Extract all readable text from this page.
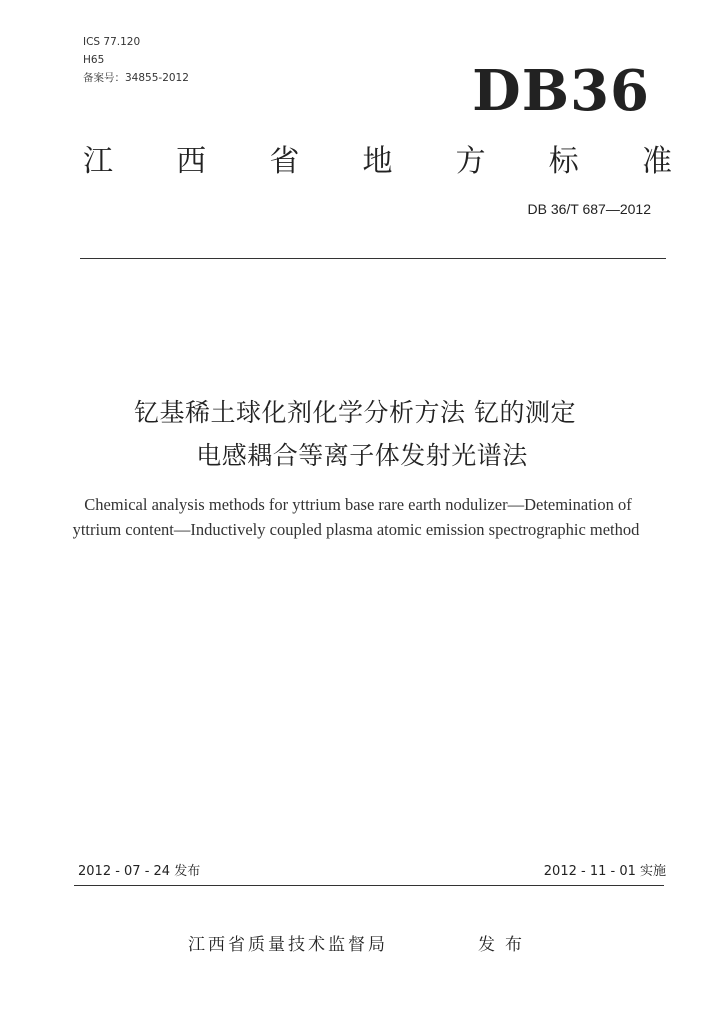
ICS 77.120
H65
备案号：34855-2012	DB36
江 西 省 地 方 标 准
DB 36/T 687—2012
钇基稀土球化剂化学分析方法 钇的测定
电感耦合等离子体发射光谱法
Chemical analysis methods for yttrium base rare earth nodulizer—Detemination of
yttrium content—Inductively coupled plasma atomic emission spectrographic method
2012 - 07 - 24 发布	2012 - 11 - 01 实施
江西省质量技术监督局	发布
